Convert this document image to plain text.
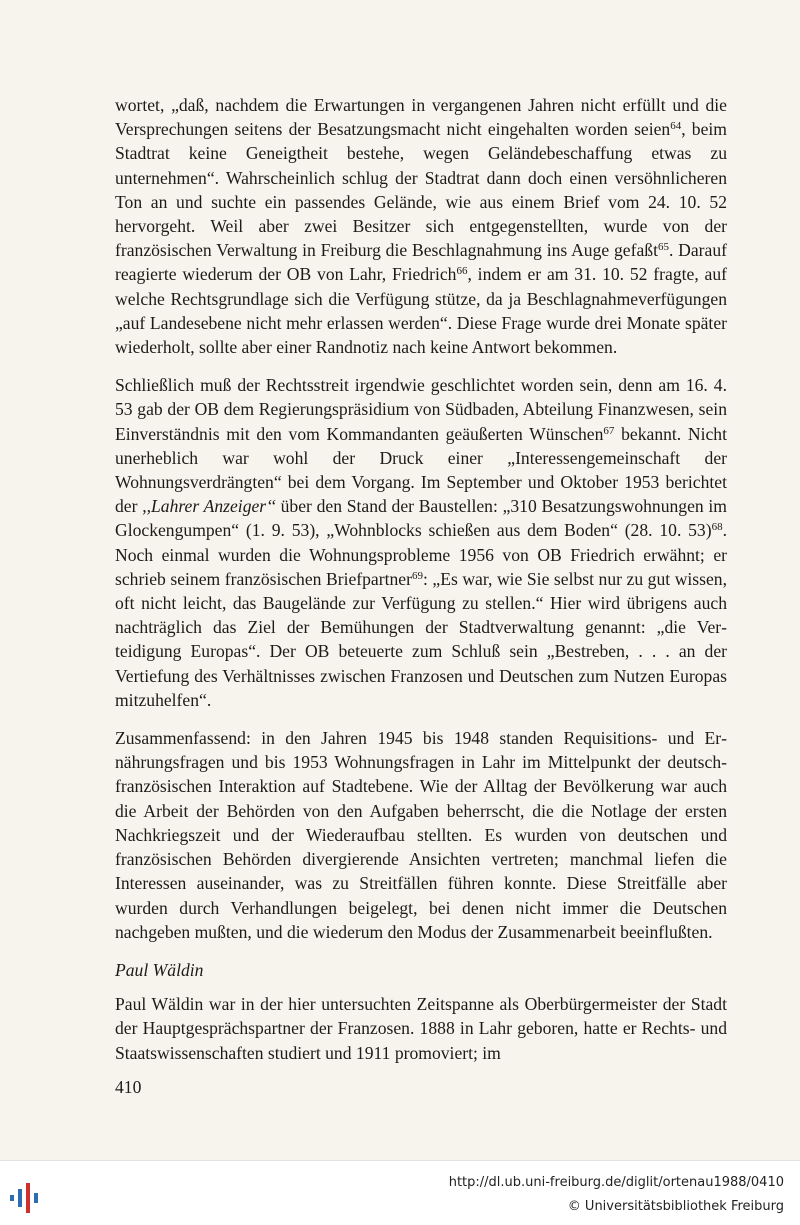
wortet, „daß, nachdem die Erwartungen in vergangenen Jahren nicht erfüllt und die Versprechungen seitens der Besatzungsmacht nicht eingehalten worden seien$^{64}$, beim Stadtrat keine Geneigtheit bestehe, wegen Geländebeschaffung etwas zu unternehmen“. Wahrscheinlich schlug der Stadtrat dann doch einen versöhnlicheren Ton an und suchte ein passendes Gelände, wie aus einem Brief vom 24. 10. 52 hervorgeht. Weil aber zwei Besitzer sich entgegenstellten, wurde von der französischen Verwaltung in Freiburg die Beschlagnahmung ins Auge gefaßt$^{65}$. Darauf reagierte wiederum der OB von Lahr, Friedrich$^{66}$, indem er am 31. 10. 52 fragte, auf welche Rechtsgrundlage sich die Verfügung stütze, da ja Beschlagnahmeverfügungen „auf Landesebene nicht mehr erlassen werden“. Diese Frage wurde drei Monate später wiederholt, sollte aber einer Randnotiz nach keine Antwort bekommen.

Schließlich muß der Rechtsstreit irgendwie geschlichtet worden sein, denn am 16. 4. 53 gab der OB dem Regierungspräsidium von Südbaden, Abteilung Finanzwesen, sein Einverständnis mit den vom Kommandanten geäußerten Wünschen$^{67}$ bekannt. Nicht unerheblich war wohl der Druck einer „Interessengemeinschaft der Wohnungsverdrängten“ bei dem Vorgang. Im September und Oktober 1953 berichtet der ,,Lahrer Anzeiger‘‘ über den Stand der Baustellen: „310 Besatzungswohnungen im Glockengumpen“ (1. 9. 53), „Wohnblocks schießen aus dem Boden“ (28. 10. 53)$^{68}$. Noch einmal wurden die Wohnungsprobleme 1956 von OB Friedrich erwähnt; er schrieb seinem französischen Briefpartner$^{69}$: „Es war, wie Sie selbst nur zu gut wissen, oft nicht leicht, das Baugelände zur Verfügung zu stellen.“ Hier wird übrigens auch nachträglich das Ziel der Bemühungen der Stadtverwaltung genannt: „die Verteidigung Europas“. Der OB beteuerte zum Schluß sein „Bestreben, . . . an der Vertiefung des Verhältnisses zwischen Franzosen und Deutschen zum Nutzen Europas mitzuhelfen“.

Zusammenfassend: in den Jahren 1945 bis 1948 standen Requisitions- und Ernährungsfragen und bis 1953 Wohnungsfragen in Lahr im Mittelpunkt der deutsch-französischen Interaktion auf Stadtebene. Wie der Alltag der Bevölkerung war auch die Arbeit der Behörden von den Aufgaben beherrscht, die die Notlage der ersten Nachkriegszeit und der Wiederaufbau stellten. Es wurden von deutschen und französischen Behörden divergierende Ansichten vertreten; manchmal liefen die Interessen auseinander, was zu Streitfällen führen konnte. Diese Streitfälle aber wurden durch Verhandlungen beigelegt, bei denen nicht immer die Deutschen nachgeben mußten, und die wiederum den Modus der Zusammenarbeit beeinflußten.

Paul Wäldin

Paul Wäldin war in der hier untersuchten Zeitspanne als Oberbürgermeister der Stadt der Hauptgesprächspartner der Franzosen. 1888 in Lahr geboren, hatte er Rechts- und Staatswissenschaften studiert und 1911 promoviert; im

410
http://dl.ub.uni-freiburg.de/diglit/ortenau1988/0410
© Universitätsbibliothek Freiburg
